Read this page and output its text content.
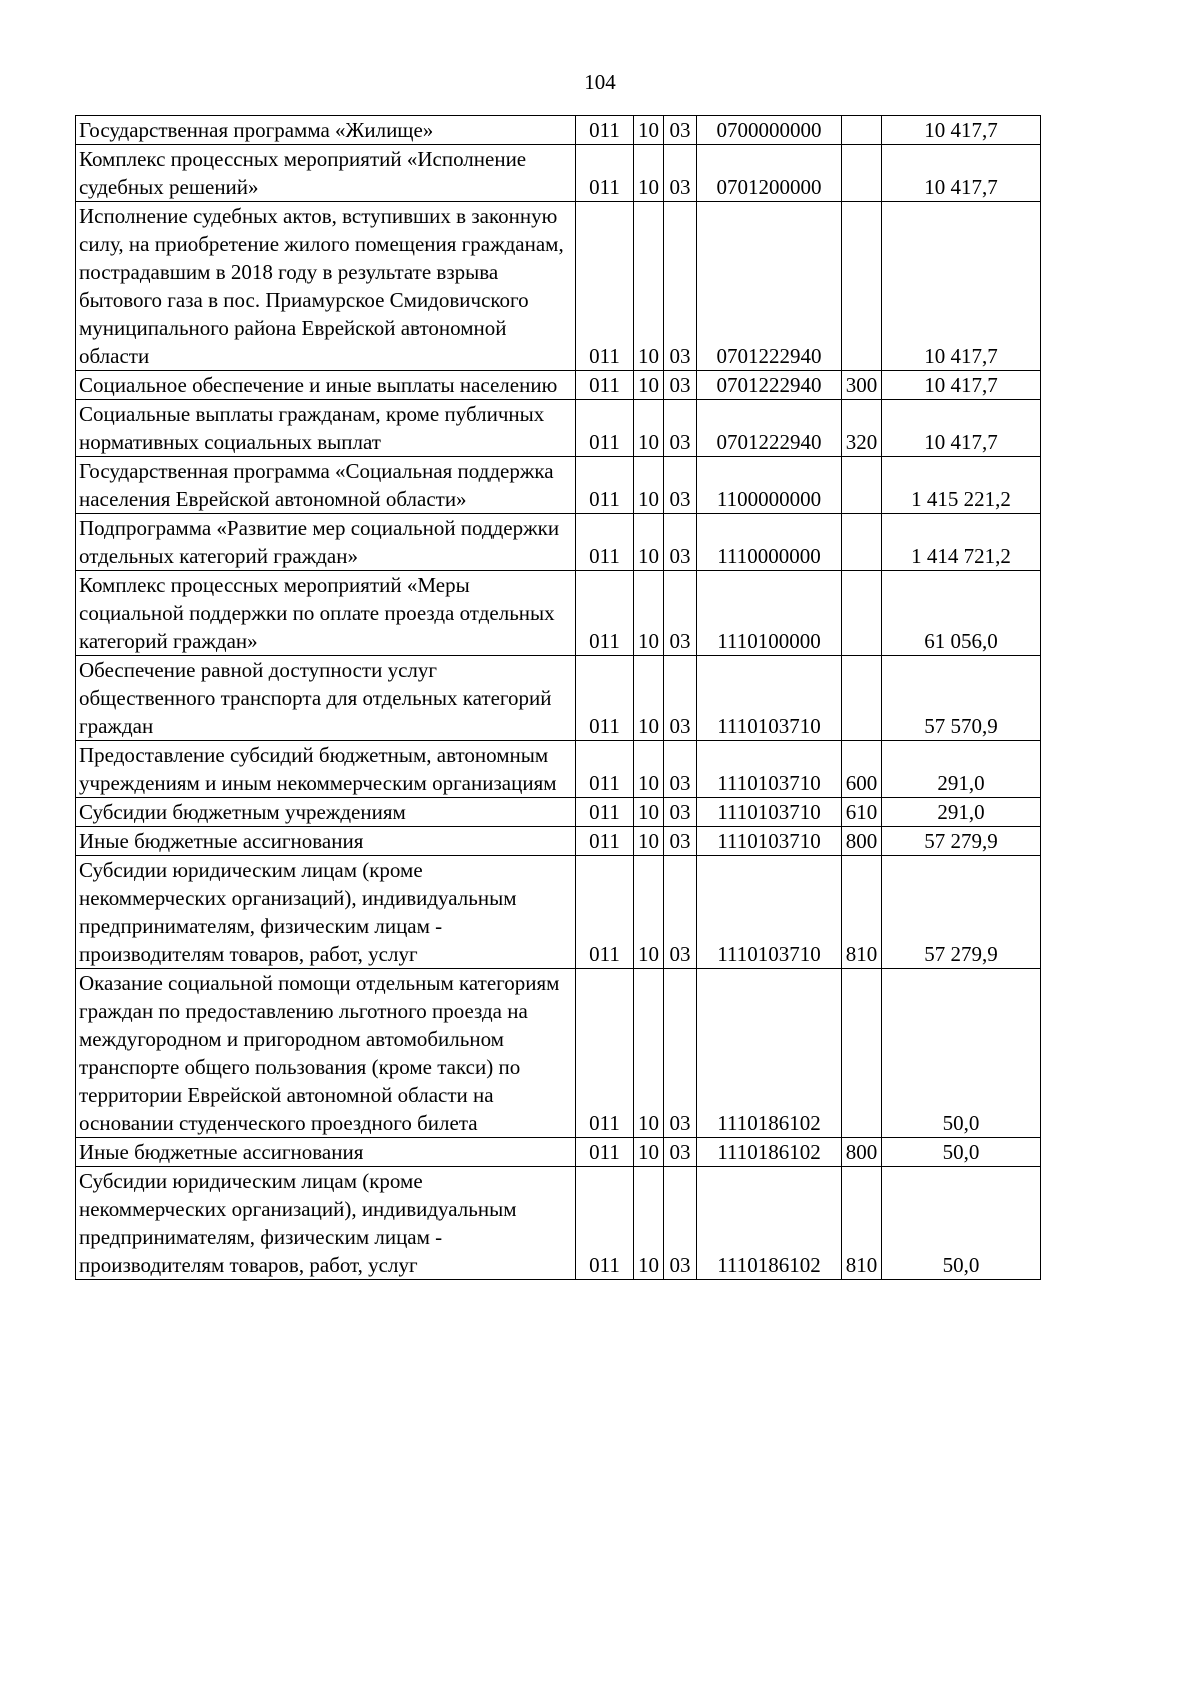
104
Государственная программа «Жилище»	011	10	03	0700000000		10 417,7
Комплекс процессных мероприятий «Исполнение судебных решений»	011	10	03	0701200000		10 417,7
Исполнение судебных актов, вступивших в законную силу, на приобретение жилого помещения гражданам, пострадавшим в 2018 году в результате взрыва бытового газа в пос. Приамурское Смидовичского муниципального района Еврейской автономной области	011	10	03	0701222940		10 417,7
Социальное обеспечение и иные выплаты населению	011	10	03	0701222940	300	10 417,7
Социальные выплаты гражданам, кроме публичных нормативных социальных выплат	011	10	03	0701222940	320	10 417,7
Государственная программа «Социальная поддержка населения Еврейской автономной области»	011	10	03	1100000000		1 415 221,2
Подпрограмма «Развитие мер социальной поддержки отдельных категорий граждан»	011	10	03	1110000000		1 414 721,2
Комплекс процессных мероприятий «Меры социальной поддержки по оплате проезда отдельных категорий граждан»	011	10	03	1110100000		61 056,0
Обеспечение равной доступности услуг общественного транспорта для отдельных категорий граждан	011	10	03	1110103710		57 570,9
Предоставление субсидий бюджетным, автономным учреждениям и иным некоммерческим организациям	011	10	03	1110103710	600	291,0
Субсидии бюджетным учреждениям	011	10	03	1110103710	610	291,0
Иные бюджетные ассигнования	011	10	03	1110103710	800	57 279,9
Субсидии юридическим лицам (кроме некоммерческих организаций), индивидуальным предпринимателям, физическим лицам - производителям товаров, работ, услуг	011	10	03	1110103710	810	57 279,9
Оказание социальной помощи отдельным категориям граждан по предоставлению льготного проезда на междугородном и пригородном автомобильном транспорте общего пользования (кроме такси) по территории Еврейской автономной области на основании студенческого проездного билета	011	10	03	1110186102		50,0
Иные бюджетные ассигнования	011	10	03	1110186102	800	50,0
Субсидии юридическим лицам (кроме некоммерческих организаций), индивидуальным предпринимателям, физическим лицам - производителям товаров, работ, услуг	011	10	03	1110186102	810	50,0
